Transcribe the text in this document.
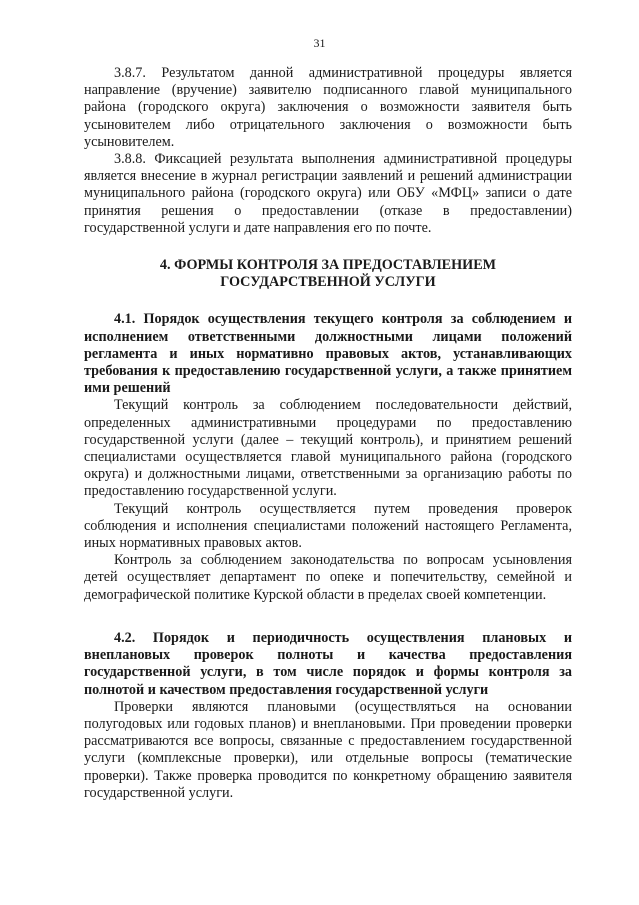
31

3.8.7. Результатом данной административной процедуры является направление (вручение) заявителю подписанного главой муниципального района (городского округа) заключения о возможности заявителя быть усыновителем либо отрицательного заключения о возможности быть усыновителем.

3.8.8. Фиксацией результата выполнения административной процедуры является внесение в журнал регистрации заявлений и решений администрации муниципального района (городского округа) или ОБУ «МФЦ» записи о дате принятия решения о предоставлении (отказе в предоставлении) государственной услуги и дате направления его по почте.

4. ФОРМЫ КОНТРОЛЯ ЗА ПРЕДОСТАВЛЕНИЕМ ГОСУДАРСТВЕННОЙ УСЛУГИ
4.1. Порядок осуществления текущего контроля за соблюдением и исполнением ответственными должностными лицами положений регламента и иных нормативно правовых актов, устанавливающих требования к предоставлению государственной услуги, а также принятием ими решений

Текущий контроль за соблюдением последовательности действий, определенных административными процедурами по предоставлению государственной услуги (далее – текущий контроль), и принятием решений специалистами осуществляется главой муниципального района (городского округа) и должностными лицами, ответственными за организацию работы по предоставлению государственной услуги.

Текущий контроль осуществляется путем проведения проверок соблюдения и исполнения специалистами положений настоящего Регламента, иных нормативных правовых актов.

Контроль за соблюдением законодательства по вопросам усыновления детей осуществляет департамент по опеке и попечительству, семейной и демографической политике Курской области в пределах своей компетенции.

4.2. Порядок и периодичность осуществления плановых и внеплановых проверок полноты и качества предоставления государственной услуги, в том числе порядок и формы контроля за полнотой и качеством предоставления государственной услуги

Проверки являются плановыми (осуществляться на основании полугодовых или годовых планов) и внеплановыми. При проведении проверки рассматриваются все вопросы, связанные с предоставлением государственной услуги (комплексные проверки), или отдельные вопросы (тематические проверки). Также проверка проводится по конкретному обращению заявителя государственной услуги.
